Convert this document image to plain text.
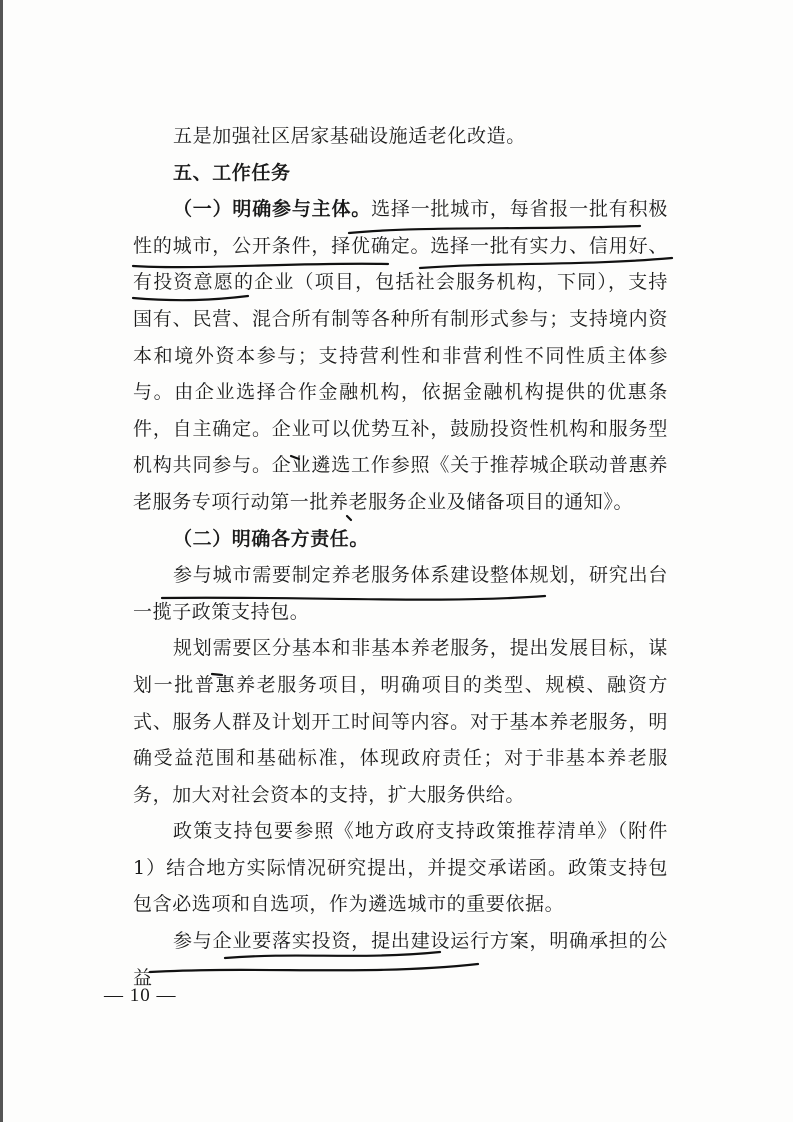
五是加强社区居家基础设施适老化改造。

五、工作任务

（一）明确参与主体。选择一批城市，每省报一批有积极性的城市，公开条件，择优确定。选择一批有实力、信用好、有投资意愿的企业（项目，包括社会服务机构，下同），支持国有、民营、混合所有制等各种所有制形式参与；支持境内资本和境外资本参与；支持营利性和非营利性不同性质主体参与。由企业选择合作金融机构，依据金融机构提供的优惠条件，自主确定。企业可以优势互补，鼓励投资性机构和服务型机构共同参与。企业遴选工作参照《关于推荐城企联动普惠养老服务专项行动第一批养老服务企业及储备项目的通知》。

（二）明确各方责任。

参与城市需要制定养老服务体系建设整体规划，研究出台一揽子政策支持包。

规划需要区分基本和非基本养老服务，提出发展目标，谋划一批普惠养老服务项目，明确项目的类型、规模、融资方式、服务人群及计划开工时间等内容。对于基本养老服务，明确受益范围和基础标准，体现政府责任；对于非基本养老服务，加大对社会资本的支持，扩大服务供给。

政策支持包要参照《地方政府支持政策推荐清单》（附件1）结合地方实际情况研究提出，并提交承诺函。政策支持包包含必选项和自选项，作为遴选城市的重要依据。

参与企业要落实投资，提出建设运行方案，明确承担的公益

— 10 —
